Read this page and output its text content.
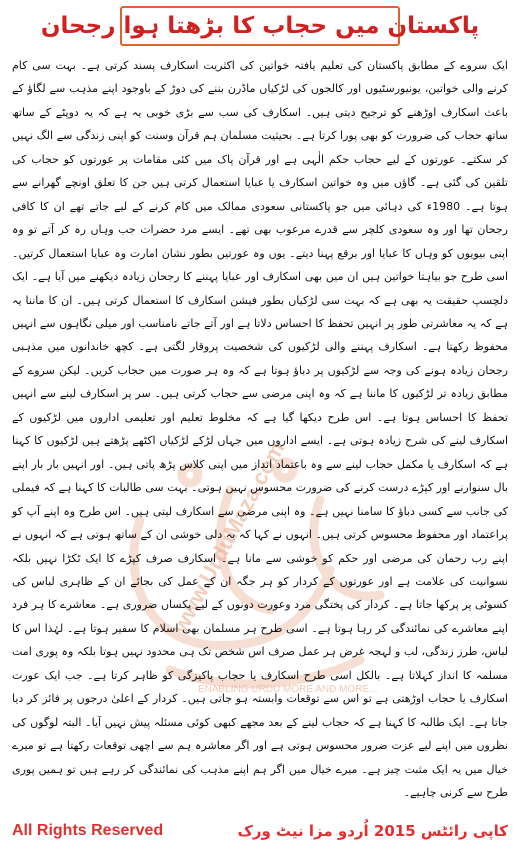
پاکستان میں حجاب کا بڑھتا ہوا رجحان
www.UrduMaza.com
ENABLING URDU MORE AND MORE...

ایک سروے کے مطابق پاکستان کی تعلیم یافتہ خواتین کی اکثریت اسکارف پسند کرتی ہے۔ بہت سی کام کرنے والی خواتین، یونیورسٹیوں اور کالجوں کی لڑکیاں ماڈرن بننے کی دوڑ کے باوجود اپنے مذہب سے لگاؤ کے باعث اسکارف اوڑھنے کو ترجیح دیتی ہیں۔ اسکارف کی سب سے بڑی خوبی یہ ہے کہ یہ دوپٹے کے ساتھ ساتھ حجاب کی ضرورت کو بھی پورا کرتا ہے۔ بحیثیت مسلمان ہم قرآن وسنت کو اپنی زندگی سے الگ نہیں کر سکتے۔ عورتوں کے لیے حجاب حکم الٰہی ہے اور قرآن پاک میں کئی مقامات پر عورتوں کو حجاب کی تلقین کی گئی ہے۔ گاؤں میں وہ خواتین اسکارف یا عبایا استعمال کرتی ہیں جن کا تعلق اونچے گھرانے سے ہوتا ہے۔ 1980ء کی دہائی میں جو پاکستانی سعودی ممالک میں کام کرنے کے لیے جاتے تھے ان کا کافی رجحان تھا اور وہ سعودی کلچر سے قدرے مرعوب بھی تھے۔ ایسے مرد حضرات جب وہاں رہ کر آتے تو وہ اپنی بیویوں کو وہاں کا عبایا اور برقع پہنا دیتے۔ یوں وہ عورتیں بطور نشان امارت وہ عبایا استعمال کرتیں۔ اسی طرح جو بیاہتا خواتین ہیں ان میں بھی اسکارف اور عبایا پہننے کا رجحان زیادہ دیکھنے میں آیا ہے۔ ایک دلچسپ حقیقت یہ بھی ہے کہ بہت سی لڑکیاں بطور فیشن اسکارف کا استعمال کرتی ہیں۔ ان کا ماننا یہ ہے کہ یہ معاشرتی طور پر انہیں تحفظ کا احساس دلاتا ہے اور آتے جاتے نامناسب اور میلی نگاہوں سے انہیں محفوظ رکھتا ہے۔ اسکارف پہننے والی لڑکیوں کی شخصیت پروقار لگتی ہے۔ کچھ خاندانوں میں مذہبی رجحان زیادہ ہونے کی وجہ سے لڑکیوں پر دباؤ ہوتا ہے کہ وہ ہر صورت میں حجاب کریں۔ لیکن سروے کے مطابق زیادہ تر لڑکیوں کا ماننا ہے کہ وہ اپنی مرضی سے حجاب کرتی ہیں۔ سر پر اسکارف لینے سے انہیں تحفظ کا احساس ہوتا ہے۔ اس طرح دیکھا گیا ہے کہ مخلوط تعلیم اور تعلیمی اداروں میں لڑکیوں کے اسکارف لینے کی شرح زیادہ ہوتی ہے۔ ایسے اداروں میں جہاں لڑکے لڑکیاں اکٹھے پڑھتے ہیں لڑکیوں کا کہنا ہے کہ اسکارف یا مکمل حجاب لینے سے وہ باعتماد انداز میں اپنی کلاس پڑھ پاتی ہیں۔ اور انہیں بار بار اپنے بال سنوارنے اور کپڑے درست کرنے کی ضرورت محسوس نہیں ہوتی۔ بہت سی طالبات کا کہنا ہے کہ فیملی کی جانب سے کسی دباؤ کا سامنا نہیں ہے۔ وہ اپنی مرضی سے اسکارف لیتی ہیں۔ اس طرح وہ اپنے آپ کو پراعتماد اور محفوظ محسوس کرتی ہیں۔ انہوں نے کہا کہ یہ دلی خوشی ان کے ساتھ ہوتی ہے کہ انہوں نے اپنے رب رحمان کی مرضی اور حکم کو خوشی سے مانا ہے۔ اسکارف صرف کپڑے کا ایک ٹکڑا نہیں بلکہ نسوانیت کی علامت ہے اور عورتوں کے کردار کو ہر جگہ ان کے عمل کی بجائے ان کے ظاہری لباس کی کسوٹی پر پرکھا جاتا ہے۔ کردار کی پختگی مرد وعورت دونوں کے لیے یکساں ضروری ہے۔ معاشرے کا ہر فرد اپنے معاشرے کی نمائندگی کر رہا ہوتا ہے۔ اسی طرح ہر مسلمان بھی اسلام کا سفیر ہوتا ہے۔ لہٰذا اس کا لباس، طرز زندگی، لب و لہجہ غرض ہر عمل صرف اس شخص تک ہی محدود نہیں ہوتا بلکہ وہ پوری امت مسلمہ کا انداز کہلاتا ہے۔ بالکل اسی طرح اسکارف یا حجاب پاکیزگی کو ظاہر کرتا ہے۔ جب ایک عورت اسکارف یا حجاب اوڑھتی ہے تو اس سے توقعات وابستہ ہو جاتی ہیں۔ کردار کے اعلیٰ درجوں پر فائز کر دیا جاتا ہے۔ ایک طالبہ کا کہنا ہے کہ حجاب لینے کے بعد مجھے کبھی کوئی مسئلہ پیش نہیں آیا۔ البتہ لوگوں کی نظروں میں اپنے لیے عزت ضرور محسوس ہوتی ہے اور اگر معاشرہ ہم سے اچھی توقعات رکھتا ہے تو میرے خیال میں یہ ایک مثبت چیز ہے۔ میرے خیال میں اگر ہم اپنے مذہب کی نمائندگی کر رہے ہیں تو ہمیں پوری طرح سے کرنی چاہیے۔

All Rights Reserved	کاپی رائٹس 2015 اُردو مزا نیٹ ورک
